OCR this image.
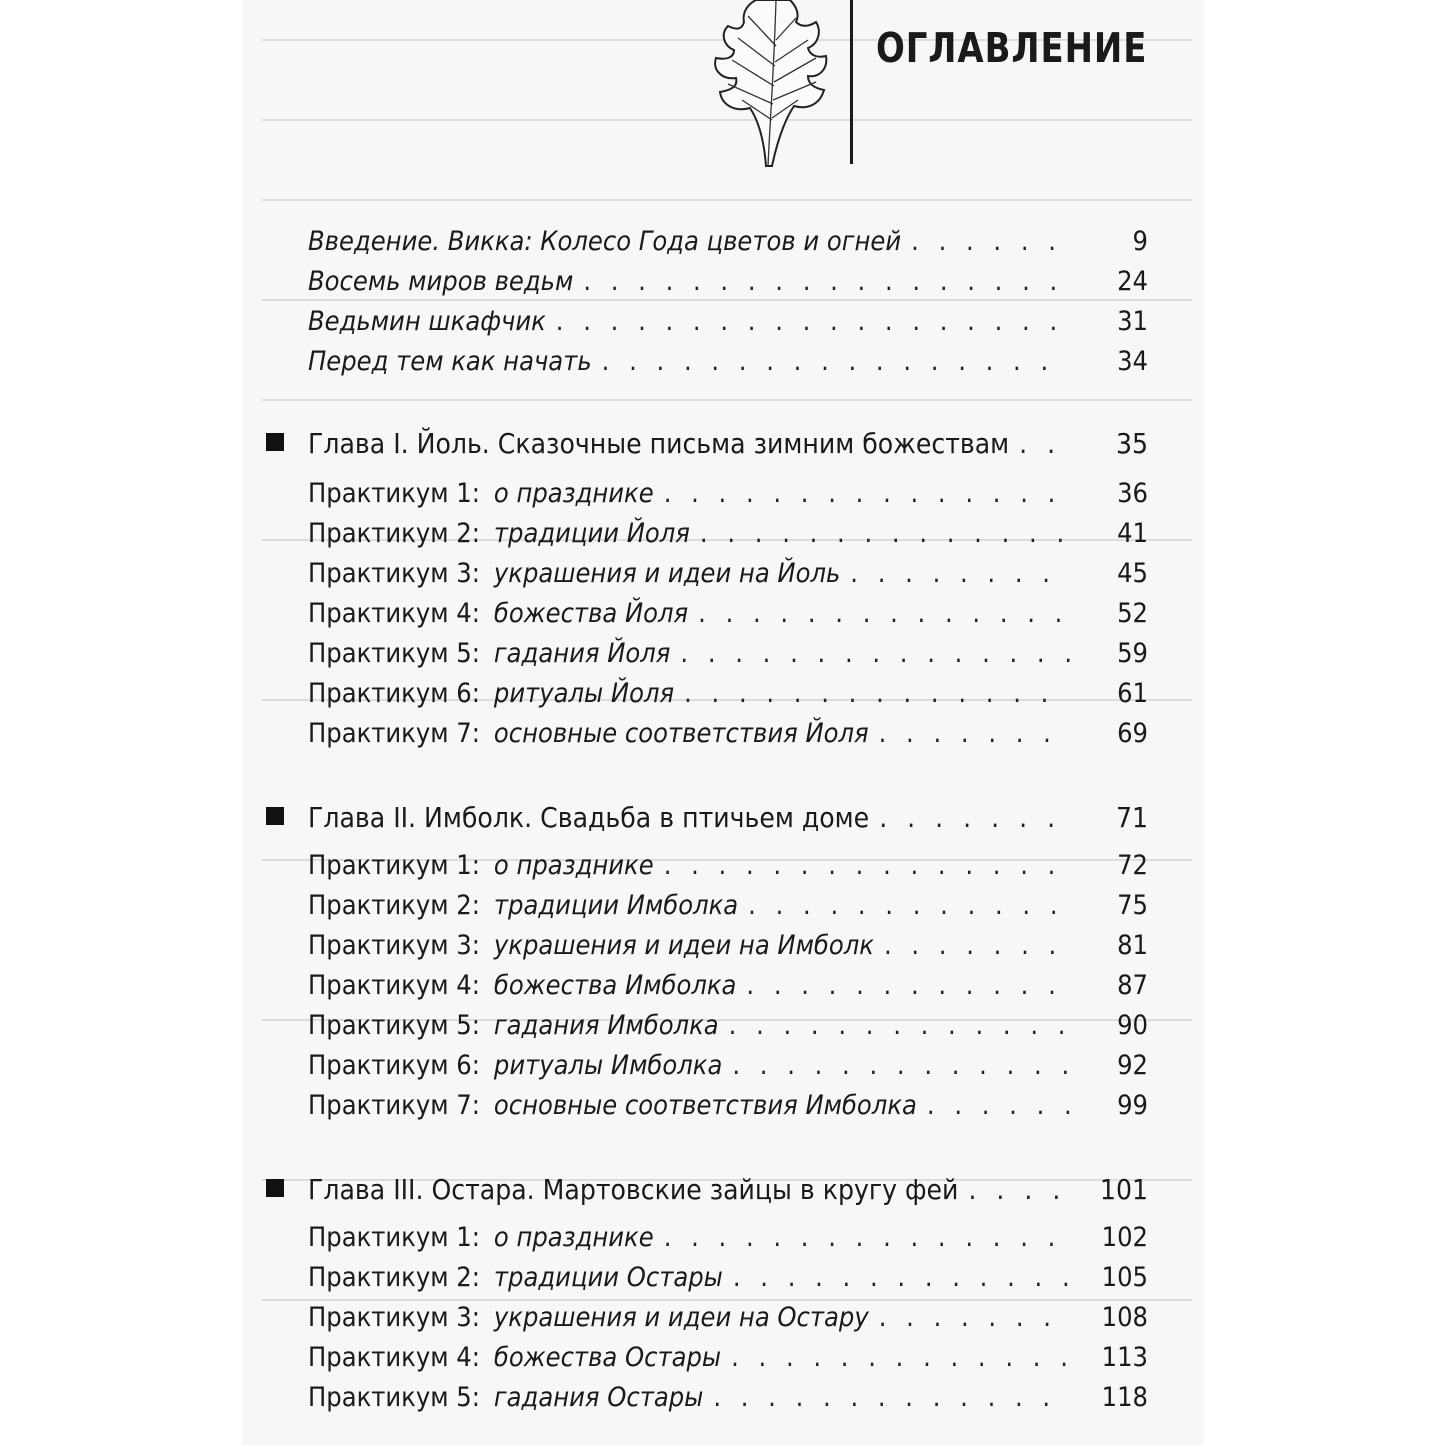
ОГЛАВЛЕНИЕ
Введение. Викка: Колесо Года цветов и огней . . .	9
Восемь миров ведьм . . .	24
Ведьмин шкафчик . . .	31
Перед тем как начать . . .	34
Глава I. Йоль. Сказочные письма зимним божествам . . .	35
Практикум 1: о празднике . . .	36
Практикум 2: традиции Йоля . . .	41
Практикум 3: украшения и идеи на Йоль . . .	45
Практикум 4: божества Йоля . . .	52
Практикум 5: гадания Йоля . . .	59
Практикум 6: ритуалы Йоля . . .	61
Практикум 7: основные соответствия Йоля . . .	69
Глава II. Имболк. Свадьба в птичьем доме . . .	71
Практикум 1: о празднике . . .	72
Практикум 2: традиции Имболка . . .	75
Практикум 3: украшения и идеи на Имболк . . .	81
Практикум 4: божества Имболка . . .	87
Практикум 5: гадания Имболка . . .	90
Практикум 6: ритуалы Имболка . . .	92
Практикум 7: основные соответствия Имболка . . .	99
Глава III. Остара. Мартовские зайцы в кругу фей . . .	101
Практикум 1: о празднике . . .	102
Практикум 2: традиции Остары . . .	105
Практикум 3: украшения и идеи на Остару . . .	108
Практикум 4: божества Остары . . .	113
Практикум 5: гадания Остары . . .	118
